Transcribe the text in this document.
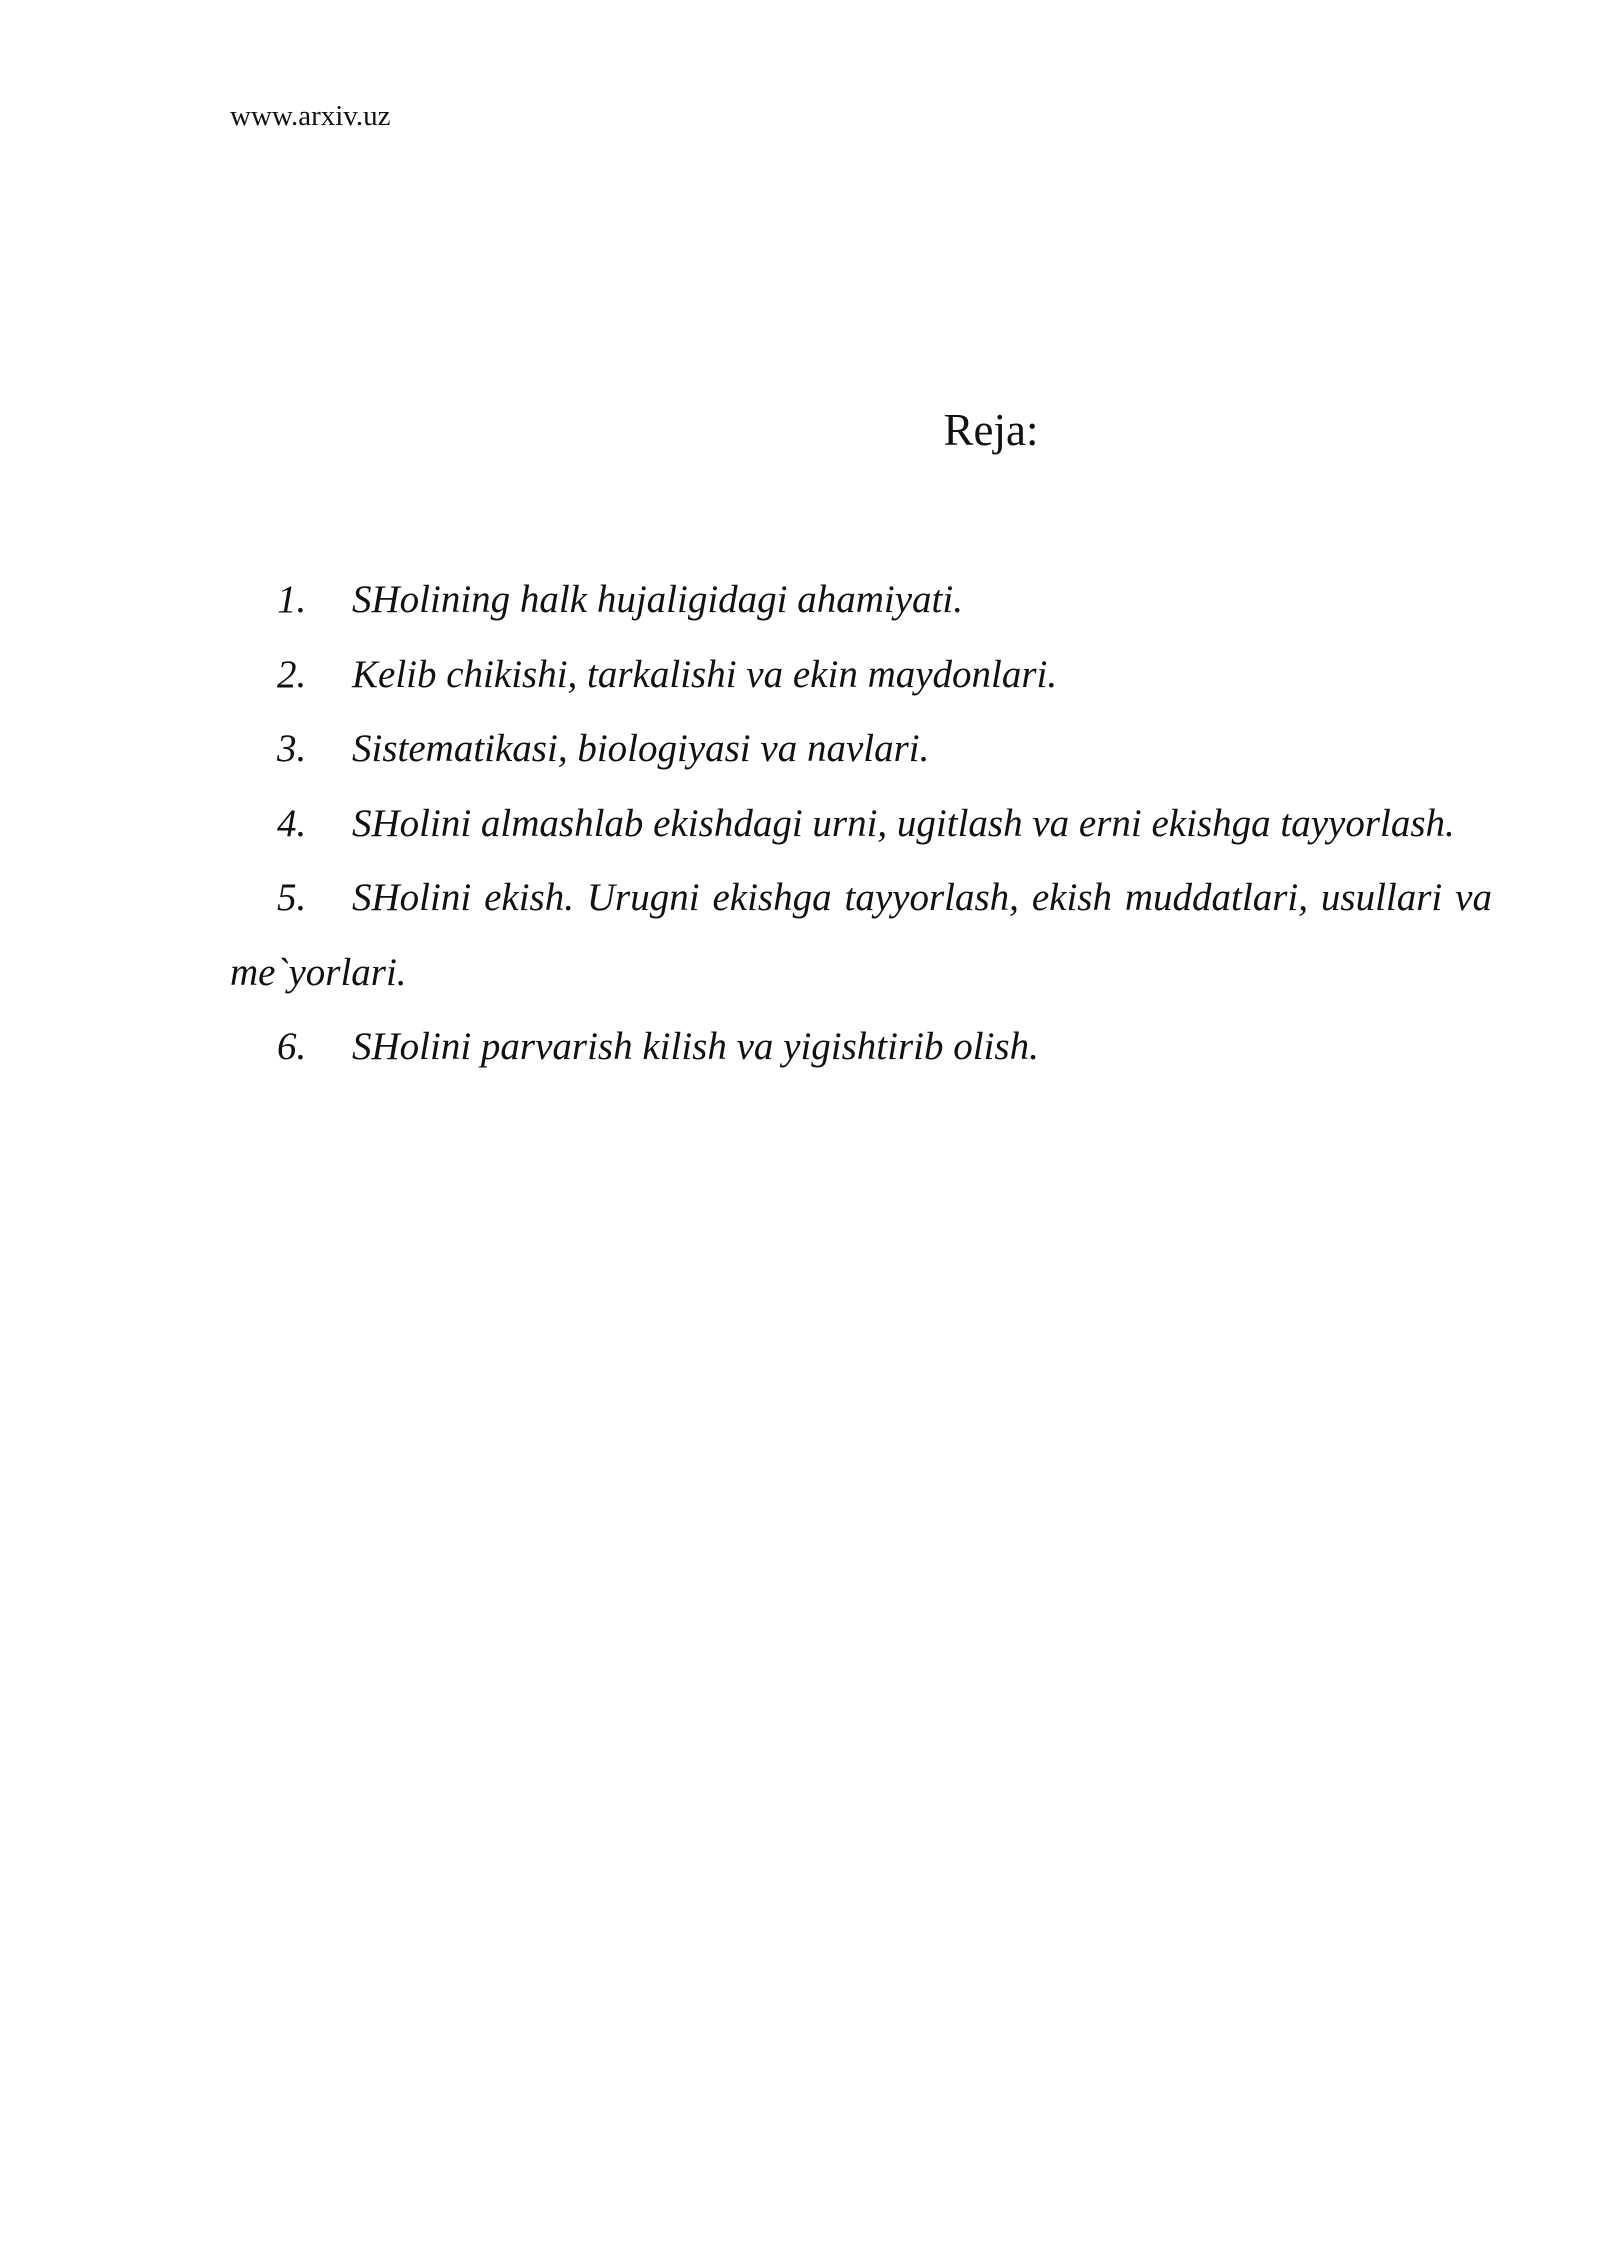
www.arxiv.uz
Reja:
1. SHolining halk hujaligidagi ahamiyati.
2. Kelib chikishi, tarkalishi va ekin maydonlari.
3. Sistematikasi, biologiyasi va navlari.
4. SHolini almashlab ekishdagi urni, ugitlash va erni ekishga tayyorlash.
5. SHolini ekish. Urugni ekishga tayyorlash, ekish muddatlari, usullari va me`yorlari.
6. SHolini parvarish kilish va yigishtirib olish.
